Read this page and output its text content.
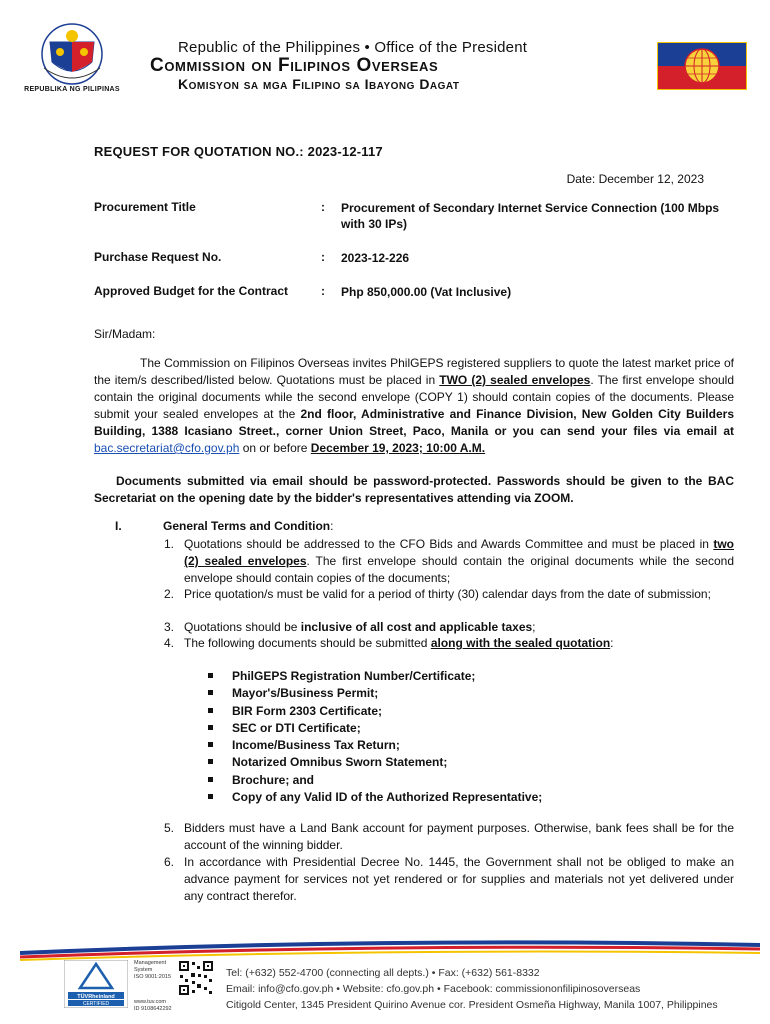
REPUBLIKA NG PILIPINAS
Republic of the Philippines • Office of the President
Commission on Filipinos Overseas
Komisyon sa mga Filipino sa Ibayong Dagat
REQUEST FOR QUOTATION NO.: 2023-12-117
Date: December 12, 2023
Procurement Title	: Procurement of Secondary Internet Service Connection (100 Mbps with 30 IPs)
Purchase Request No.	: 2023-12-226
Approved Budget for the Contract	: Php 850,000.00 (Vat Inclusive)
Sir/Madam:
The Commission on Filipinos Overseas invites PhilGEPS registered suppliers to quote the latest market price of the item/s described/listed below. Quotations must be placed in TWO (2) sealed envelopes. The first envelope should contain the original documents while the second envelope (COPY 1) should contain copies of the documents. Please submit your sealed envelopes at the 2nd floor, Administrative and Finance Division, New Golden City Builders Building, 1388 Icasiano Street., corner Union Street, Paco, Manila or you can send your files via email at bac.secretariat@cfo.gov.ph on or before December 19, 2023; 10:00 A.M.
Documents submitted via email should be password-protected. Passwords should be given to the BAC Secretariat on the opening date by the bidder's representatives attending via ZOOM.
I.	General Terms and Condition:
1. Quotations should be addressed to the CFO Bids and Awards Committee and must be placed in two (2) sealed envelopes. The first envelope should contain the original documents while the second envelope should contain copies of the documents;
2. Price quotation/s must be valid for a period of thirty (30) calendar days from the date of submission;
3. Quotations should be inclusive of all cost and applicable taxes;
4. The following documents should be submitted along with the sealed quotation:
PhilGEPS Registration Number/Certificate;
Mayor's/Business Permit;
BIR Form 2303 Certificate;
SEC or DTI Certificate;
Income/Business Tax Return;
Notarized Omnibus Sworn Statement;
Brochure; and
Copy of any Valid ID of the Authorized Representative;
5. Bidders must have a Land Bank account for payment purposes. Otherwise, bank fees shall be for the account of the winning bidder.
6. In accordance with Presidential Decree No. 1445, the Government shall not be obliged to make an advance payment for services not yet rendered or for supplies and materials not yet delivered under any contract therefor.
TÜVRheinland
CERTIFIED
Management
System
ISO 9001:2015
www.tuv.com
ID 9108642292
Tel: (+632) 552-4700 (connecting all depts.) • Fax: (+632) 561-8332
Email: info@cfo.gov.ph • Website: cfo.gov.ph • Facebook: commissiononfilipinosoverseas
Citigold Center, 1345 President Quirino Avenue cor. President Osmeña Highway, Manila 1007, Philippines
